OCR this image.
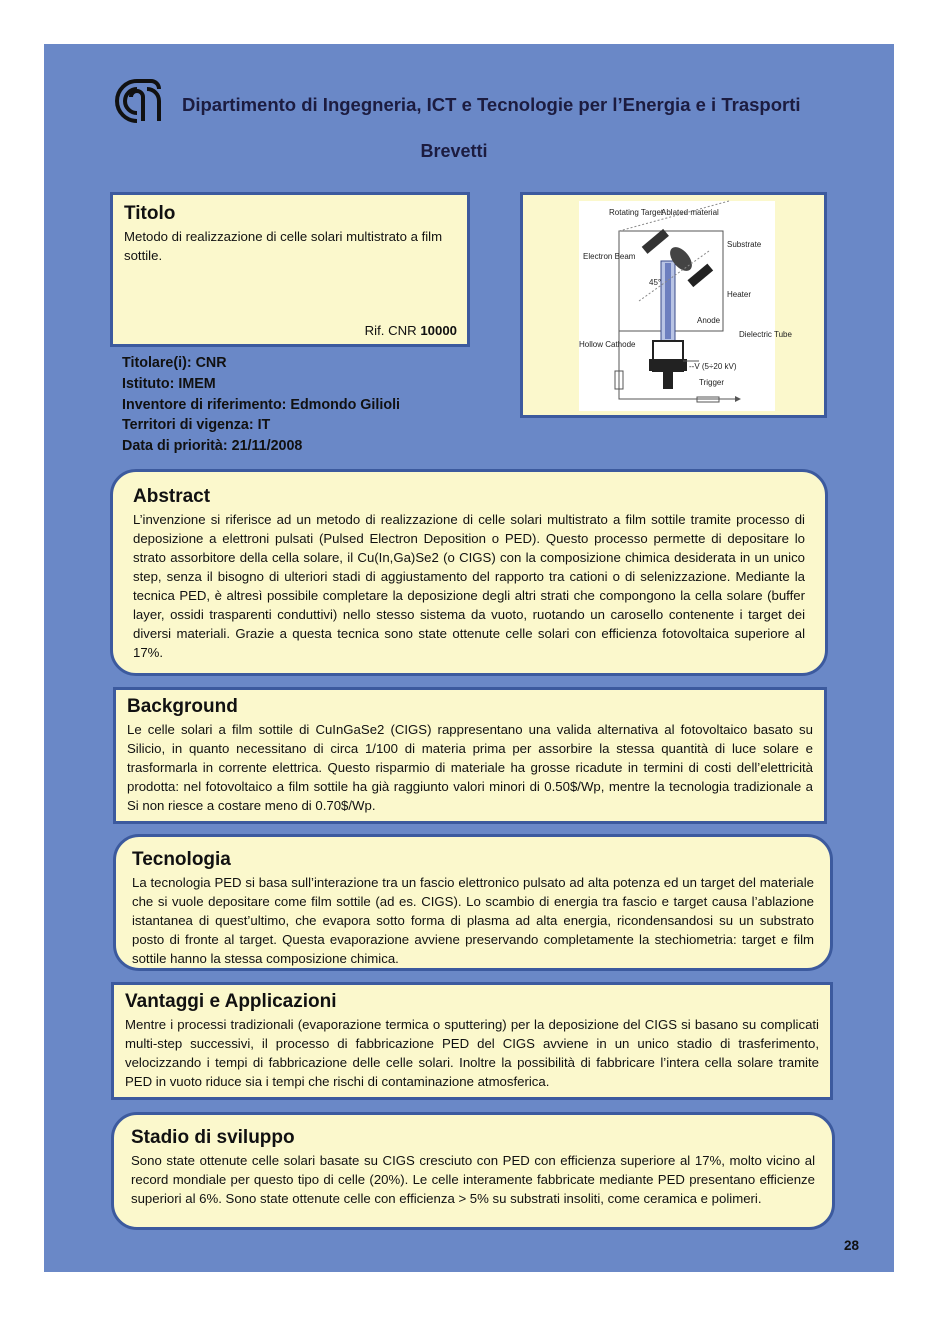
Dipartimento di Ingegneria, ICT e Tecnologie per l’Energia e i Trasporti
Brevetti
Titolo

Metodo di realizzazione di celle solari multistrato a film sottile.

Rif. CNR 10000
Rotating Target
Ablated material
Substrate
Electron Beam
Heater
45°
Anode
Dielectric Tube
Hollow Cathode
--V (5÷20 kV)
Trigger
Titolare(i): CNR
Istituto: IMEM
Inventore di riferimento: Edmondo Gilioli
Territori di vigenza: IT
Data di priorità: 21/11/2008
Abstract

L’invenzione si riferisce ad un metodo di realizzazione di celle solari multistrato a film sottile tramite processo di deposizione a elettroni pulsati (Pulsed Electron Deposition o PED). Questo processo permette di depositare lo strato assorbitore della cella solare, il Cu(In,Ga)Se2 (o CIGS) con la composizione chimica desiderata in un unico step, senza il bisogno di ulteriori stadi di aggiustamento del rapporto tra cationi o di selenizzazione. Mediante la tecnica PED, è altresì possibile completare la deposizione degli altri strati che compongono la cella solare (buffer layer, ossidi trasparenti conduttivi) nello stesso sistema da vuoto, ruotando un carosello contenente i target dei diversi materiali. Grazie a questa tecnica sono state ottenute celle solari con efficienza fotovoltaica superiore al 17%.

Background

Le celle solari a film sottile di CuInGaSe2 (CIGS) rappresentano una valida alternativa al fotovoltaico basato su Silicio, in quanto necessitano di circa 1/100 di materia prima per assorbire la stessa quantità di luce solare e trasformarla in corrente elettrica. Questo risparmio di materiale ha grosse ricadute in termini di costi dell’elettricità prodotta: nel fotovoltaico a film sottile ha già raggiunto valori minori di 0.50$/Wp, mentre la tecnologia tradizionale a Si non riesce a costare meno di 0.70$/Wp.

Tecnologia

La tecnologia PED si basa sull’interazione tra un fascio elettronico pulsato ad alta potenza ed un target del materiale che si vuole depositare come film sottile (ad es. CIGS). Lo scambio di energia tra fascio e target causa l’ablazione istantanea di quest’ultimo, che evapora sotto forma di plasma ad alta energia, ricondensandosi su un substrato posto di fronte al target. Questa evaporazione avviene preservando completamente la stechiometria: target e film sottile hanno la stessa composizione chimica.

Vantaggi e Applicazioni

Mentre i processi tradizionali (evaporazione termica o sputtering) per la deposizione del CIGS si basano su complicati multi-step successivi, il processo di fabbricazione PED del CIGS avviene in un unico stadio di trasferimento, velocizzando i tempi di fabbricazione delle celle solari. Inoltre la possibilità di fabbricare l’intera cella solare tramite PED in vuoto riduce sia i tempi che rischi di contaminazione atmosferica.

Stadio di sviluppo

Sono state ottenute celle solari basate su CIGS cresciuto con PED con efficienza superiore al 17%, molto vicino al record mondiale per questo tipo di celle (20%). Le celle interamente fabbricate mediante PED presentano efficienze superiori al 6%. Sono state ottenute celle con efficienza > 5% su substrati insoliti, come ceramica e polimeri.

28
